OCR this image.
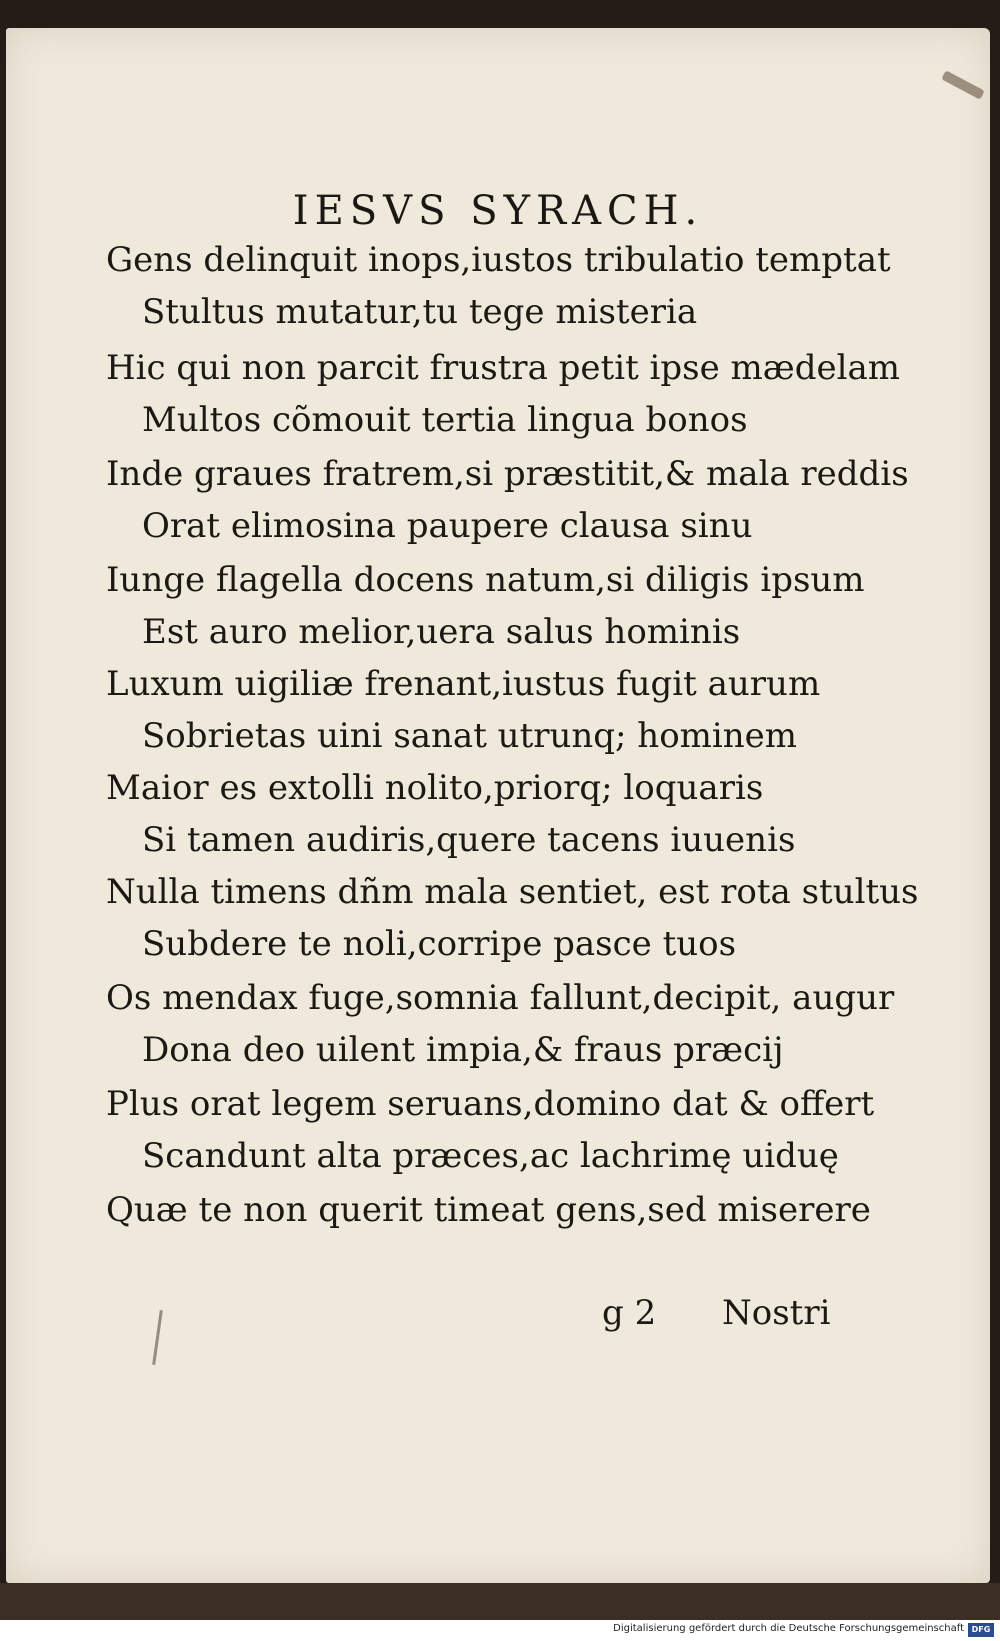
IESVS SYRACH.
Gens delinquit inops,iustos tribulatio temptat
Stultus mutatur,tu tege misteria
Hic qui non parcit frustra petit ipse mædelam
Multos cõmouit tertia lingua bonos
Inde graues fratrem,si præstitit,& mala reddis
Orat elimosina paupere clausa sinu
Iunge flagella docens natum,si diligis ipsum
Est auro melior,uera salus hominis
Luxum uigiliæ frenant,iustus fugit aurum
Sobrietas uini sanat utrunq; hominem
Maior es extolli nolito,priorq; loquaris
Si tamen audiris,quere tacens iuuenis
Nulla timens dñm mala sentiet, est rota stultus
Subdere te noli,corripe pasce tuos
Os mendax fuge,somnia fallunt,decipit, augur
Dona deo uilent impia,& fraus præcij
Plus orat legem seruans,domino dat & offert
Scandunt alta præces,ac lachrimę uiduę
Quæ te non querit timeat gens,sed miserere
g 2 Nostri
Digitalisierung gefördert durch die Deutsche Forschungsgemeinschaft DFG
